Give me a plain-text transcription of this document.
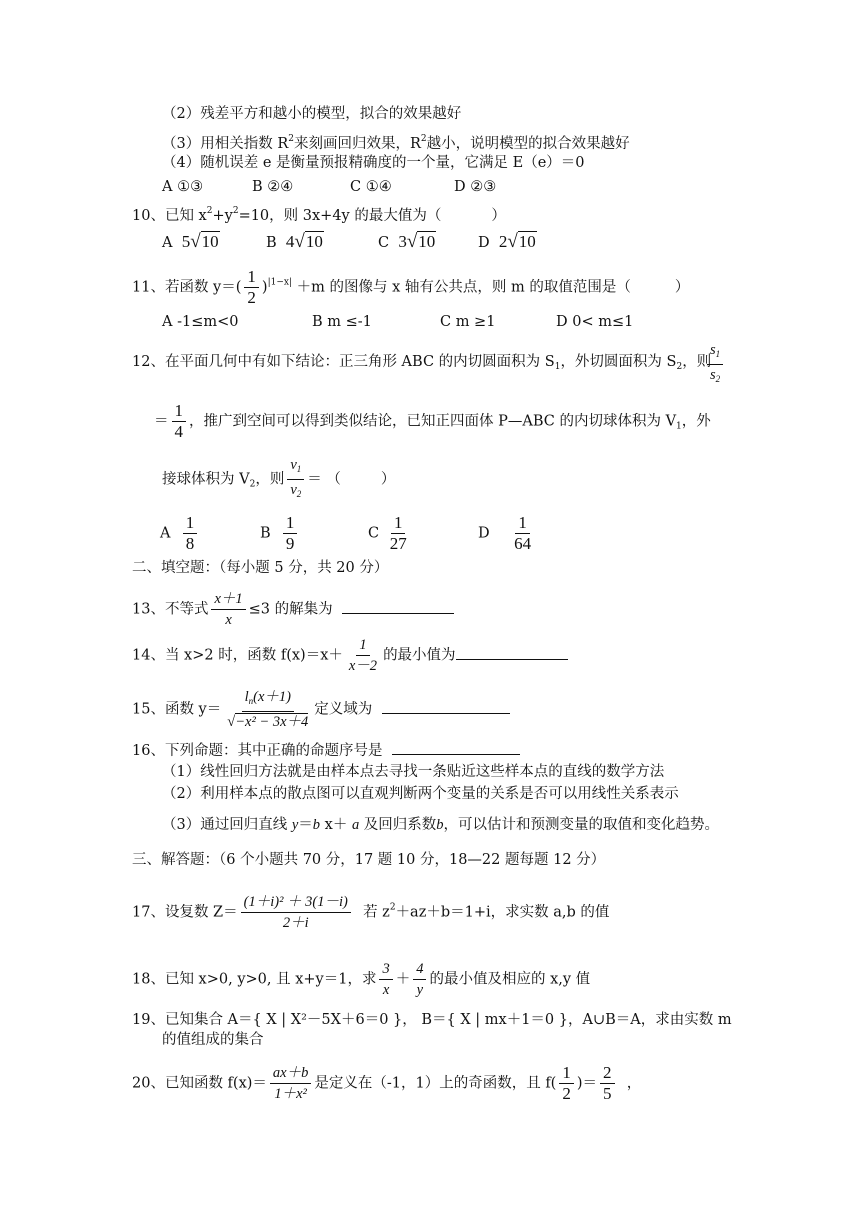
（2）残差平方和越小的模型，拟合的效果越好
（3）用相关指数 $R^2$来刻画回归效果，$R^2$越小，说明模型的拟合效果越好
（4）随机误差 e 是衡量预报精确度的一个量，它满足 E（e）＝0
A ①③	B ②④	C ①④	D ②③
10、已知 $x^2+y^2=10$，则 3x+4y 的最大值为（	）
A 5√10	B 4√10	C 3√10	D 2√10
11、若函数 $y=( \frac{1}{2} )^{|1-x|} +m$ 的图像与 x 轴有公共点，则 m 的取值范围是（	）
A -1≤m<0	B m ≤-1	C m ≥1	D 0< m≤1
12、在平面几何中有如下结论：正三角形 ABC 的内切圆面积为 $S_1$，外切圆面积为 $S_2$，则
$\frac{s_1}{s_2}$
＝ $\frac{1}{4}$ ，推广到空间可以得到类似结论，已知正四面体 P—ABC 的内切球体积为 $V_1$，外
接球体积为 $V_2$，则 $\frac{v_1}{v_2}$ ＝ （	）
A $\frac{1}{8}$	B $\frac{1}{9}$	C $\frac{1}{27}$	D $\frac{1}{64}$
二、填空题：（每小题 5 分，共 20 分）
13、不等式 $\frac{x+1}{x} \le 3$ 的解集为
14、当 x>2 时，函数 $f(x)=x+ \frac{1}{x-2}$ 的最小值为
15、函数 $y= \frac{l_n(x+1)}{\text{√−x² − 3x＋4}}$ 定义域为
16、下列命题：其中正确的命题序号是
（1）线性回归方法就是由样本点去寻找一条贴近这些样本点的直线的数学方法
（2）利用样本点的散点图可以直观判断两个变量的关系是否可以用线性关系表示
（3）通过回归直线 y＝b x＋ a 及回归系数b，可以估计和预测变量的取值和变化趋势。
三、解答题：（6 个小题共 70 分，17 题 10 分，18—22 题每题 12 分）
17、设复数 $Z= \frac{\text{(1＋i)² ＋ 3(1－i)}}{2+i}$ 若 $z^2+az+b=1+i$，求实数 a,b 的值
18、已知 x>0, y>0, 且 x+y＝1，求 $\frac{3}{x} + \frac{4}{y}$ 的最小值及相应的 x,y 值
19、已知集合 A＝{ X | X²－5X＋6＝0 }， B＝{ X | mx＋1＝0 }，A∪B＝A，求由实数 m
的值组成的集合
20、已知函数 $f(x)= \frac{ax+b}{\text{1＋x²}}$ 是定义在（-1，1）上的奇函数，且 $f( \frac{1}{2}$ )＝ $\frac{2}{5}$ ，
